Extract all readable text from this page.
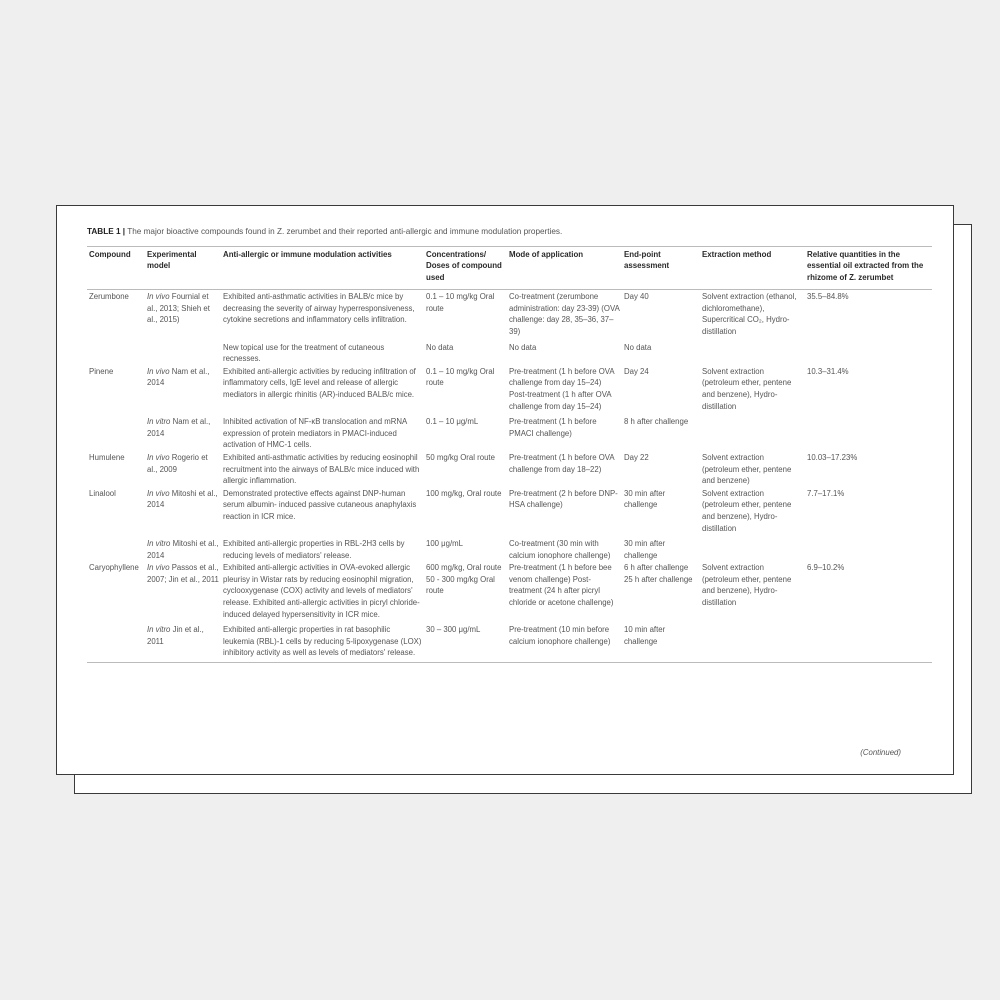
TABLE 1 | The major bioactive compounds found in Z. zerumbet and their reported anti-allergic and immune modulation properties.
Compound	Experimental model	Anti-allergic or immune modulation activities	Concentrations/ Doses of compound used	Mode of application	End-point assessment	Extraction method	Relative quantities in the essential oil extracted from the rhizome of Z. zerumbet
Zerumbone	In vivo Fournial et al., 2013; Shieh et al., 2015)	Exhibited anti-asthmatic activities in BALB/c mice by decreasing the severity of airway hyperresponsiveness, cytokine secretions and inflammatory cells infiltration.	0.1 – 10 mg/kg Oral route	Co-treatment (zerumbone administration: day 23-39) (OVA challenge: day 28, 35–36, 37–39)	Day 40	Solvent extraction (ethanol, dichloromethane), Supercritical CO₂, Hydro-distillation	35.5–84.8%
		New topical use for the treatment of cutaneous recnesses.	No data	No data	No data		
Pinene	In vivo Nam et al., 2014	Exhibited anti-allergic activities by reducing infiltration of inflammatory cells, IgE level and release of allergic mediators in allergic rhinitis (AR)-induced BALB/c mice.	0.1 – 10 mg/kg Oral route	Pre-treatment (1 h before OVA challenge from day 15–24) Post-treatment (1 h after OVA challenge from day 15–24)	Day 24	Solvent extraction (petroleum ether, pentene and benzene), Hydro-distillation	10.3–31.4%
	In vitro Nam et al., 2014	Inhibited activation of NF-κB translocation and mRNA expression of protein mediators in PMACI-induced activation of HMC-1 cells.	0.1 – 10 μg/mL	Pre-treatment (1 h before PMACI challenge)	8 h after challenge		
Humulene	In vivo Rogerio et al., 2009	Exhibited anti-asthmatic activities by reducing eosinophil recruitment into the airways of BALB/c mice induced with allergic inflammation.	50 mg/kg Oral route	Pre-treatment (1 h before OVA challenge from day 18–22)	Day 22	Solvent extraction (petroleum ether, pentene and benzene)	10.03–17.23%
Linalool	In vivo Mitoshi et al., 2014	Demonstrated protective effects against DNP-human serum albumin- induced passive cutaneous anaphylaxis reaction in ICR mice.	100 mg/kg, Oral route	Pre-treatment (2 h before DNP-HSA challenge)	30 min after challenge	Solvent extraction (petroleum ether, pentene and benzene), Hydro-distillation	7.7–17.1%
	In vitro Mitoshi et al., 2014	Exhibited anti-allergic properties in RBL-2H3 cells by reducing levels of mediators' release.	100 μg/mL	Co-treatment (30 min with calcium ionophore challenge)	30 min after challenge		
Caryophyllene	In vivo Passos et al., 2007; Jin et al., 2011	Exhibited anti-allergic activities in OVA-evoked allergic pleurisy in Wistar rats by reducing eosinophil migration, cyclooxygenase (COX) activity and levels of mediators' release. Exhibited anti-allergic activities in picryl chloride-induced delayed hypersensitivity in ICR mice.	600 mg/kg, Oral route 50 - 300 mg/kg Oral route	Pre-treatment (1 h before bee venom challenge) Post-treatment (24 h after picryl chloride or acetone challenge)	6 h after challenge 25 h after challenge	Solvent extraction (petroleum ether, pentene and benzene), Hydro-distillation	6.9–10.2%
	In vitro Jin et al., 2011	Exhibited anti-allergic properties in rat basophilic leukemia (RBL)-1 cells by reducing 5-lipoxygenase (LOX) inhibitory activity as well as levels of mediators' release.	30 – 300 μg/mL	Pre-treatment (10 min before calcium ionophore challenge)	10 min after challenge		
(Continued)
